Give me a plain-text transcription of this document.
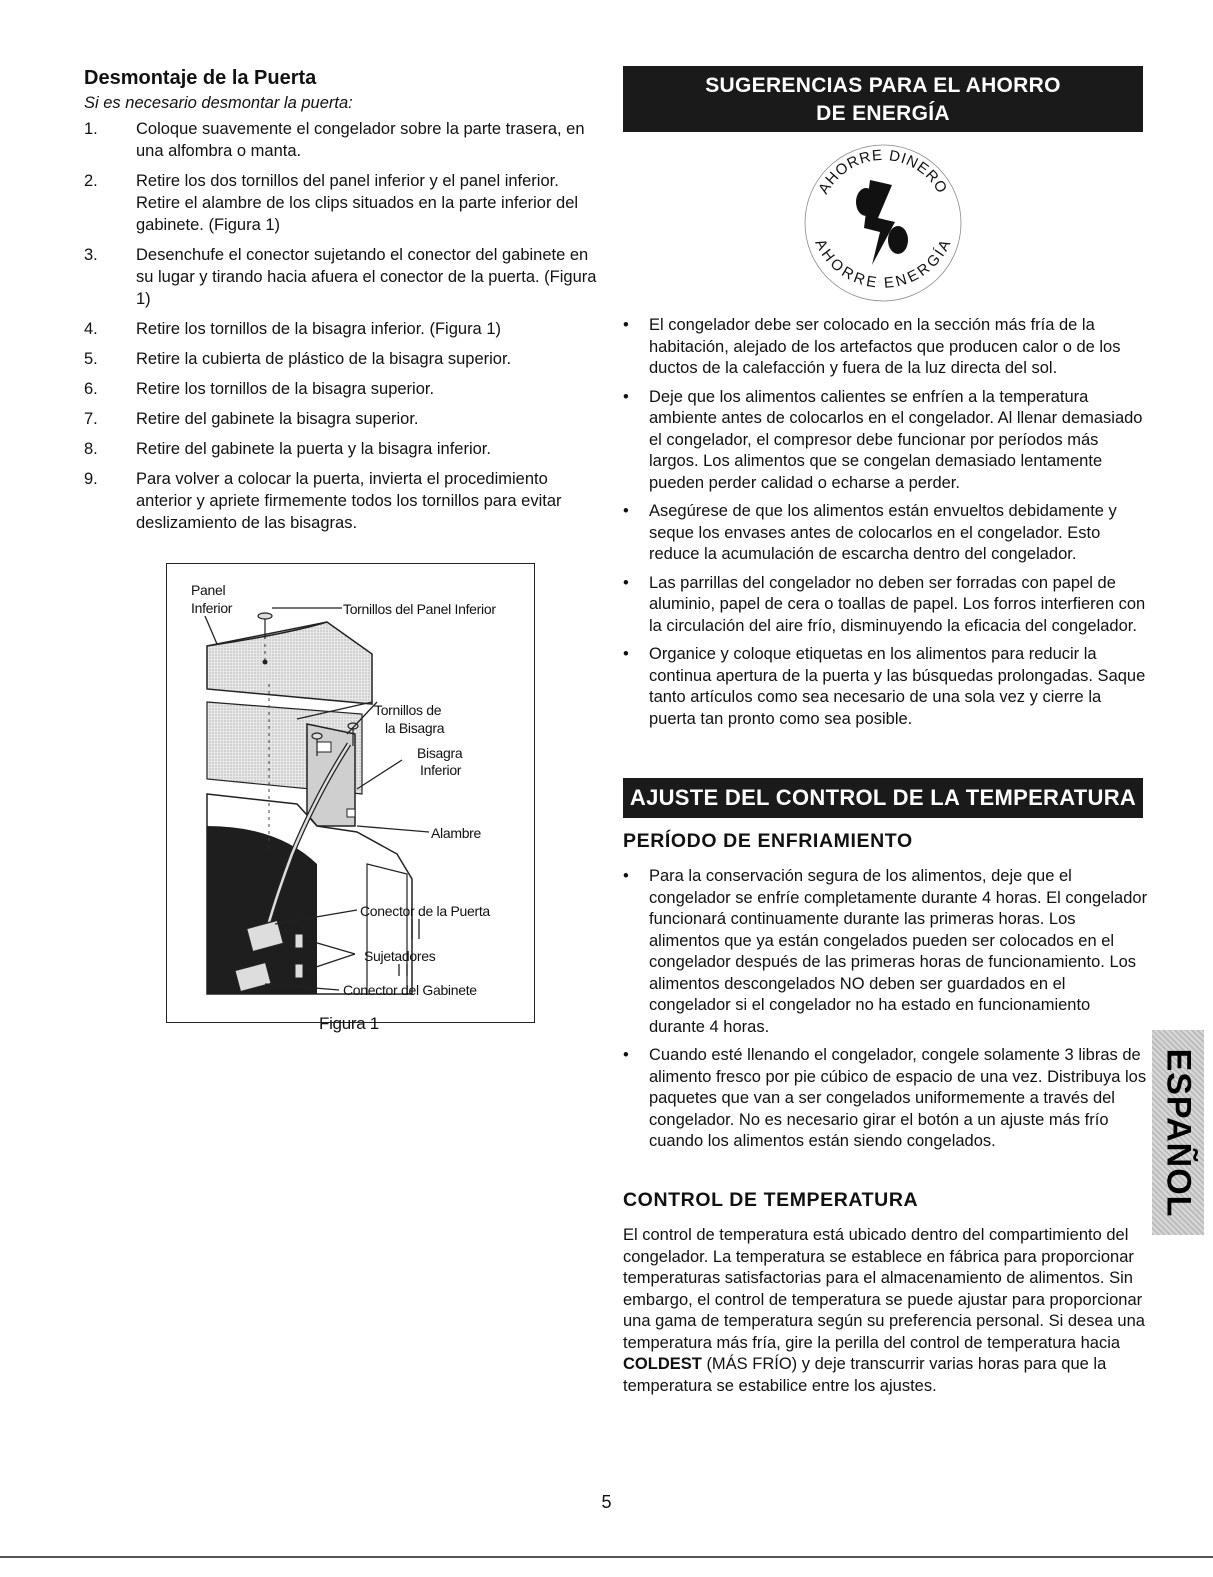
Desmontaje de la Puerta

Si es necesario desmontar la puerta:

1. Coloque suavemente el congelador sobre la parte trasera, en una alfombra o manta.
2. Retire los dos tornillos del panel inferior y el panel inferior. Retire el alambre de los clips situados en la parte inferior del gabinete. (Figura 1)
3. Desenchufe el conector sujetando el conector del gabinete en su lugar y tirando hacia afuera el conector de la puerta. (Figura 1)
4. Retire los tornillos de la bisagra inferior. (Figura 1)
5. Retire la cubierta de plástico de la bisagra superior.
6. Retire los tornillos de la bisagra superior.
7. Retire del gabinete la bisagra superior.
8. Retire del gabinete la puerta y la bisagra inferior.
9. Para volver a colocar la puerta, invierta el procedimiento anterior y apriete firmemente todos los tornillos para evitar deslizamiento de las bisagras.
Panel
Inferior	Tornillos del Panel Inferior
Tornillos de
la Bisagra
Bisagra
Inferior
Alambre
Conector de la Puerta
Sujetadores
Conector del Gabinete
Figura 1
SUGERENCIAS PARA EL AHORRO
DE ENERGÍA
AHORRE DINERO
AHORRE ENERGÍA
• El congelador debe ser colocado en la sección más fría de la habitación, alejado de los artefactos que producen calor o de los ductos de la calefacción y fuera de la luz directa del sol.
• Deje que los alimentos calientes se enfríen a la temperatura ambiente antes de colocarlos en el congelador. Al llenar demasiado el congelador, el compresor debe funcionar por períodos más largos. Los alimentos que se congelan demasiado lentamente pueden perder calidad o echarse a perder.
• Asegúrese de que los alimentos están envueltos debidamente y seque los envases antes de colocarlos en el congelador. Esto reduce la acumulación de escarcha dentro del congelador.
• Las parrillas del congelador no deben ser forradas con papel de aluminio, papel de cera o toallas de papel. Los forros interfieren con la circulación del aire frío, disminuyendo la eficacia del congelador.
• Organice y coloque etiquetas en los alimentos para reducir la continua apertura de la puerta y las búsquedas prolongadas. Saque tanto artículos como sea necesario de una sola vez y cierre la puerta tan pronto como sea posible.
AJUSTE DEL CONTROL DE LA TEMPERATURA
PERÍODO DE ENFRIAMIENTO
• Para la conservación segura de los alimentos, deje que el congelador se enfríe completamente durante 4 horas. El congelador funcionará continuamente durante las primeras horas. Los alimentos que ya están congelados pueden ser colocados en el congelador después de las primeras horas de funcionamiento. Los alimentos descongelados NO deben ser guardados en el congelador si el congelador no ha estado en funcionamiento durante 4 horas.
• Cuando esté llenando el congelador, congele solamente 3 libras de alimento fresco por pie cúbico de espacio de una vez. Distribuya los paquetes que van a ser congelados uniformemente a través del congelador. No es necesario girar el botón a un ajuste más frío cuando los alimentos están siendo congelados.
CONTROL DE TEMPERATURA

El control de temperatura está ubicado dentro del compartimiento del congelador. La temperatura se establece en fábrica para proporcionar temperaturas satisfactorias para el almacenamiento de alimentos. Sin embargo, el control de temperatura se puede ajustar para proporcionar una gama de temperatura según su preferencia personal. Si desea una temperatura más fría, gire la perilla del control de temperatura hacia COLDEST (MÁS FRÍO) y deje transcurrir varias horas para que la temperatura se estabilice entre los ajustes.

ESPAÑOL
5
